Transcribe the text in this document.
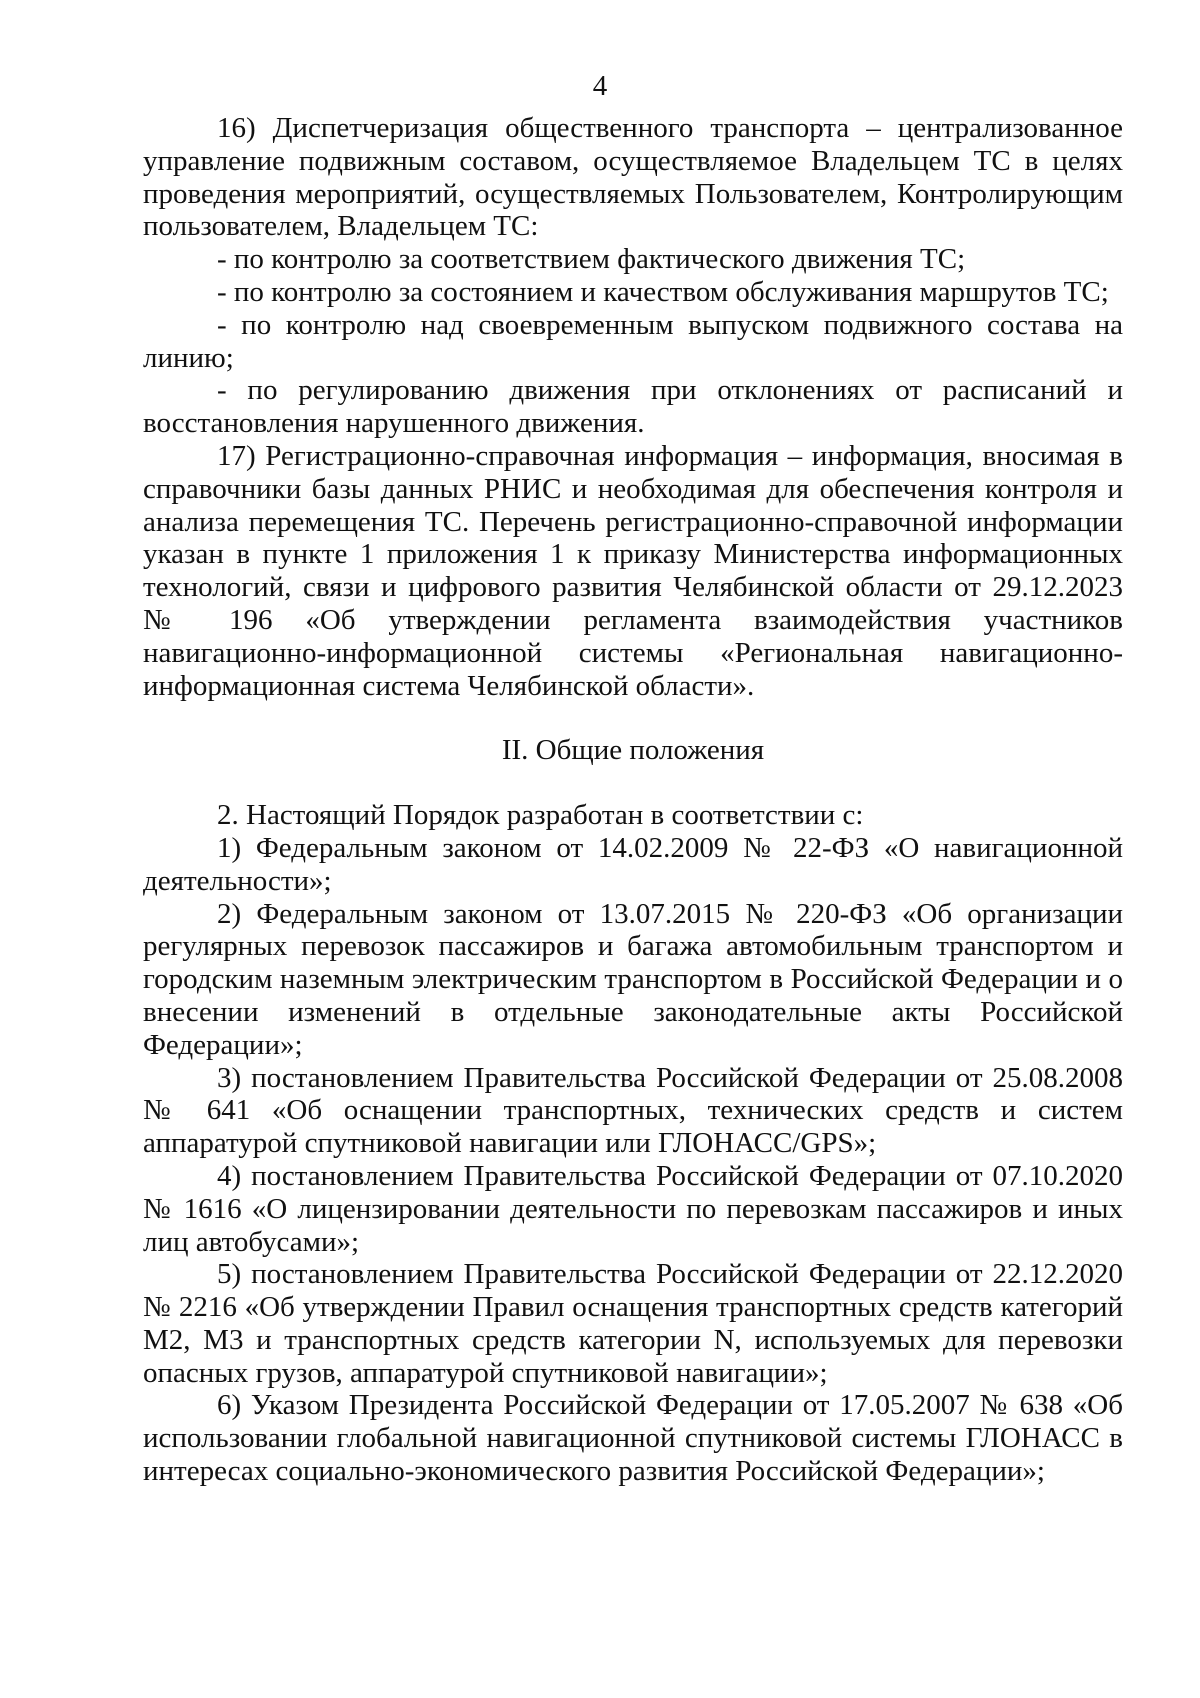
4

16) Диспетчеризация общественного транспорта – централизованное управление подвижным составом, осуществляемое Владельцем ТС в целях проведения мероприятий, осуществляемых Пользователем, Контролирующим пользователем, Владельцем ТС:

- по контролю за соответствием фактического движения ТС;

- по контролю за состоянием и качеством обслуживания маршрутов ТС;

- по контролю над своевременным выпуском подвижного состава на линию;

- по регулированию движения при отклонениях от расписаний и восстановления нарушенного движения.

17) Регистрационно-справочная информация – информация, вносимая в справочники базы данных РНИС и необходимая для обеспечения контроля и анализа перемещения ТС. Перечень регистрационно-справочной информации указан в пункте 1 приложения 1 к приказу Министерства информационных технологий, связи и цифрового развития Челябинской области от 29.12.2023 № 196 «Об утверждении регламента взаимодействия участников навигационно-информационной системы «Региональная навигационно-информационная система Челябинской области».

II. Общие положения

2. Настоящий Порядок разработан в соответствии с:

1) Федеральным законом от 14.02.2009 № 22-ФЗ «О навигационной деятельности»;

2) Федеральным законом от 13.07.2015 № 220-ФЗ «Об организации регулярных перевозок пассажиров и багажа автомобильным транспортом и городским наземным электрическим транспортом в Российской Федерации и о внесении изменений в отдельные законодательные акты Российской Федерации»;

3) постановлением Правительства Российской Федерации от 25.08.2008 № 641 «Об оснащении транспортных, технических средств и систем аппаратурой спутниковой навигации или ГЛОНАСС/GPS»;

4) постановлением Правительства Российской Федерации от 07.10.2020 № 1616 «О лицензировании деятельности по перевозкам пассажиров и иных лиц автобусами»;

5) постановлением Правительства Российской Федерации от 22.12.2020 № 2216 «Об утверждении Правил оснащения транспортных средств категорий M2, M3 и транспортных средств категории N, используемых для перевозки опасных грузов, аппаратурой спутниковой навигации»;

6) Указом Президента Российской Федерации от 17.05.2007 № 638 «Об использовании глобальной навигационной спутниковой системы ГЛОНАСС в интересах социально-экономического развития Российской Федерации»;
